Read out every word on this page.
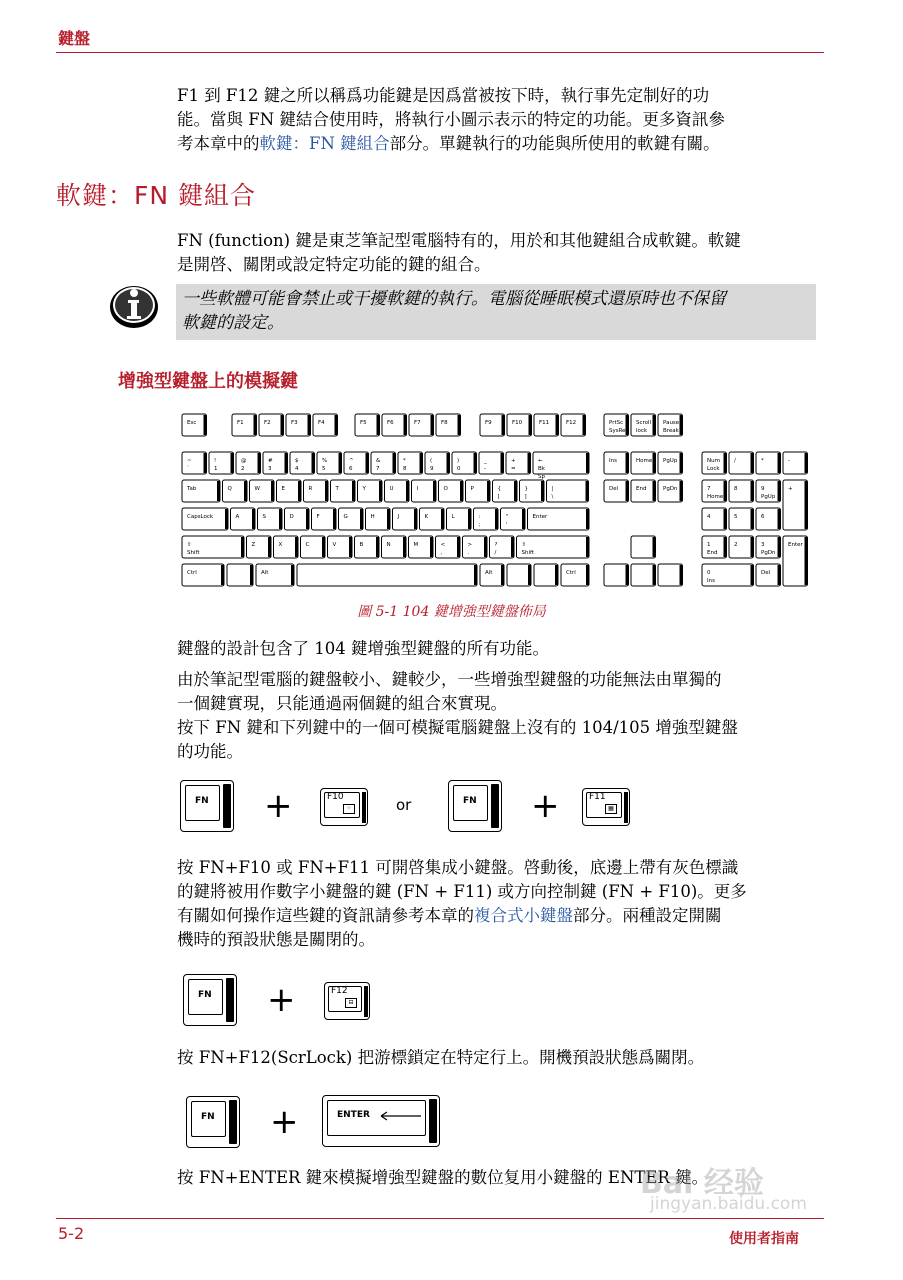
鍵盤
F1 到 F12 鍵之所以稱爲功能鍵是因爲當被按下時，執行事先定制好的功
能。當與 FN 鍵結合使用時，將執行小圖示表示的特定的功能。更多資訊參
考本章中的軟鍵：FN 鍵組合部分。單鍵執行的功能與所使用的軟鍵有關。
軟鍵：FN 鍵組合
FN (function) 鍵是東芝筆記型電腦特有的，用於和其他鍵組合成軟鍵。軟鍵
是開啓、關閉或設定特定功能的鍵的組合。
一些軟體可能會禁止或干擾軟鍵的執行。電腦從睡眠模式還原時也不保留
軟鍵的設定。
增強型鍵盤上的模擬鍵
Esc	F1	F2	F3	F4	F5	F6	F7	F8	F9	F10	F11	F12	PrtSc
SysReq
Scroll
lock
Pause
Break
~
`
!
1
@
2
#
3
$
4
%
5
^
6
&
7
*
8
(
9
)
0
_
-
+
=
←
Bk
Sp
Tab	Q	W	E	R	T	Y	U	I	O	P	{
[
}
]
|
\
CapsLock	A	S	D	F	G	H	J	K	L	:
;
"
'
Enter
⇧
Shift
Z	X	C	V	B	N	M	<
,
>
.
?
/
⇧
Shift
Ctrl	Alt	Alt	Ctrl
Ins	Home PgUp
Del	End	PgDn
Num
Lock
/	*	-
7
Home
8	9
PgUp
+
4	5	6
1
End
2	3
PgDn
Enter
0
Ins
Del
圖 5-1 104 鍵增強型鍵盤佈局
鍵盤的設計包含了 104 鍵增強型鍵盤的所有功能。
由於筆記型電腦的鍵盤較小、鍵較少，一些增強型鍵盤的功能無法由單獨的
一個鍵實現，只能通過兩個鍵的組合來實現。
按下 FN 鍵和下列鍵中的一個可模擬電腦鍵盤上沒有的 104/105 增強型鍵盤
的功能。
FN +	F10
⁘	or	FN +	F11
▦
按 FN+F10 或 FN+F11 可開啓集成小鍵盤。啓動後，底邊上帶有灰色標識
的鍵將被用作數字小鍵盤的鍵 (FN + F11) 或方向控制鍵 (FN + F10)。更多
有關如何操作這些鍵的資訊請參考本章的複合式小鍵盤部分。兩種設定開關
機時的預設狀態是關閉的。
FN +	F12
⊟
按 FN+F12(ScrLock) 把游標鎖定在特定行上。開機預設狀態爲關閉。
FN +	ENTER
按 FN+ENTER 鍵來模擬增強型鍵盤的數位复用小鍵盤的 ENTER 鍵。
5-2	使用者指南
Bai 经验
jingyan.baidu.com
